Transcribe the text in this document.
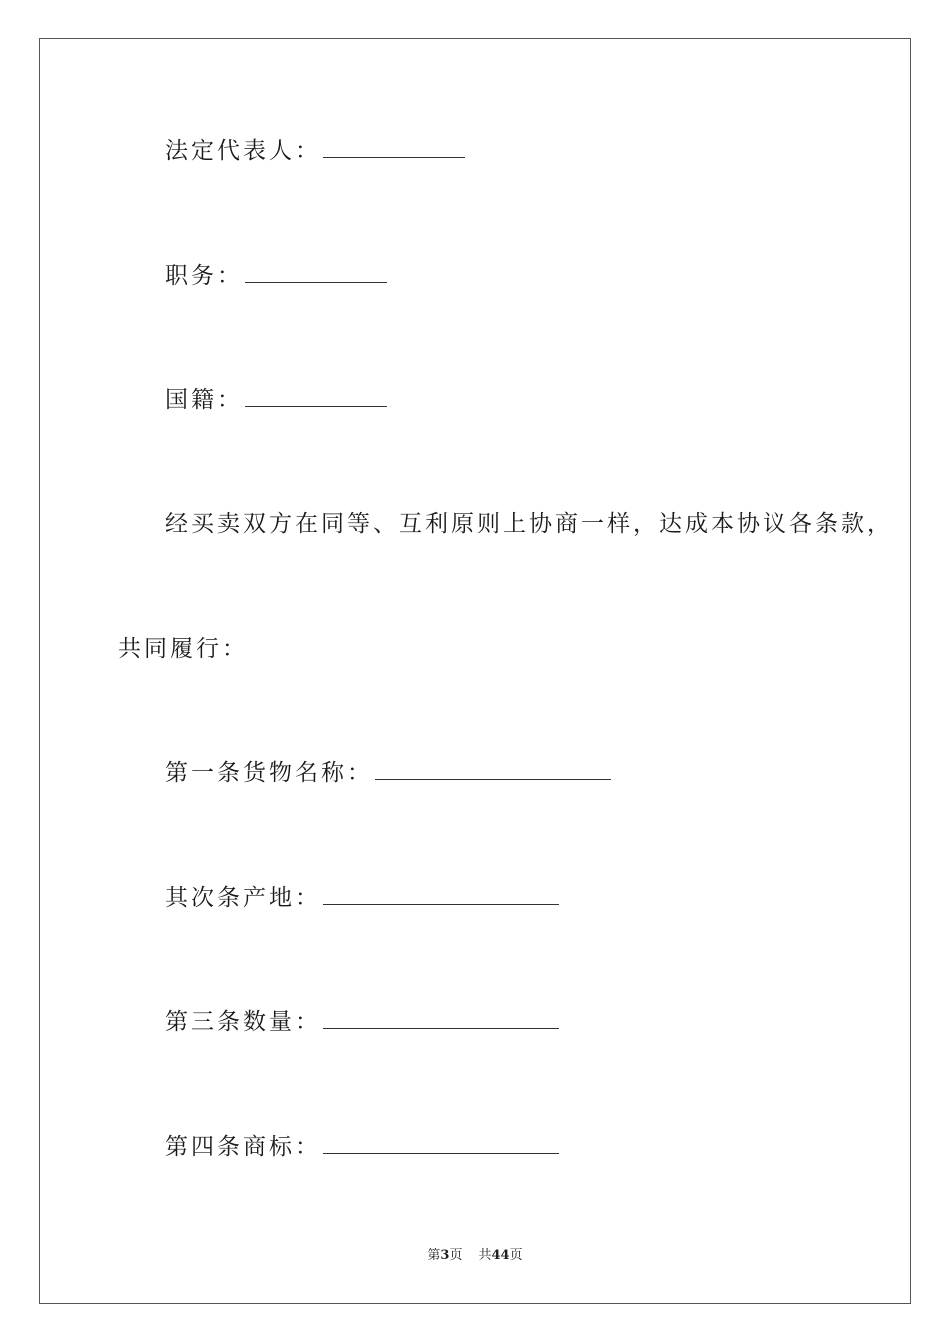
法定代表人：
职务：
国籍：
经买卖双方在同等、互利原则上协商一样，达成本协议各条款，
共同履行：
第一条货物名称：
其次条产地：
第三条数量：
第四条商标：
第3页 共44页
